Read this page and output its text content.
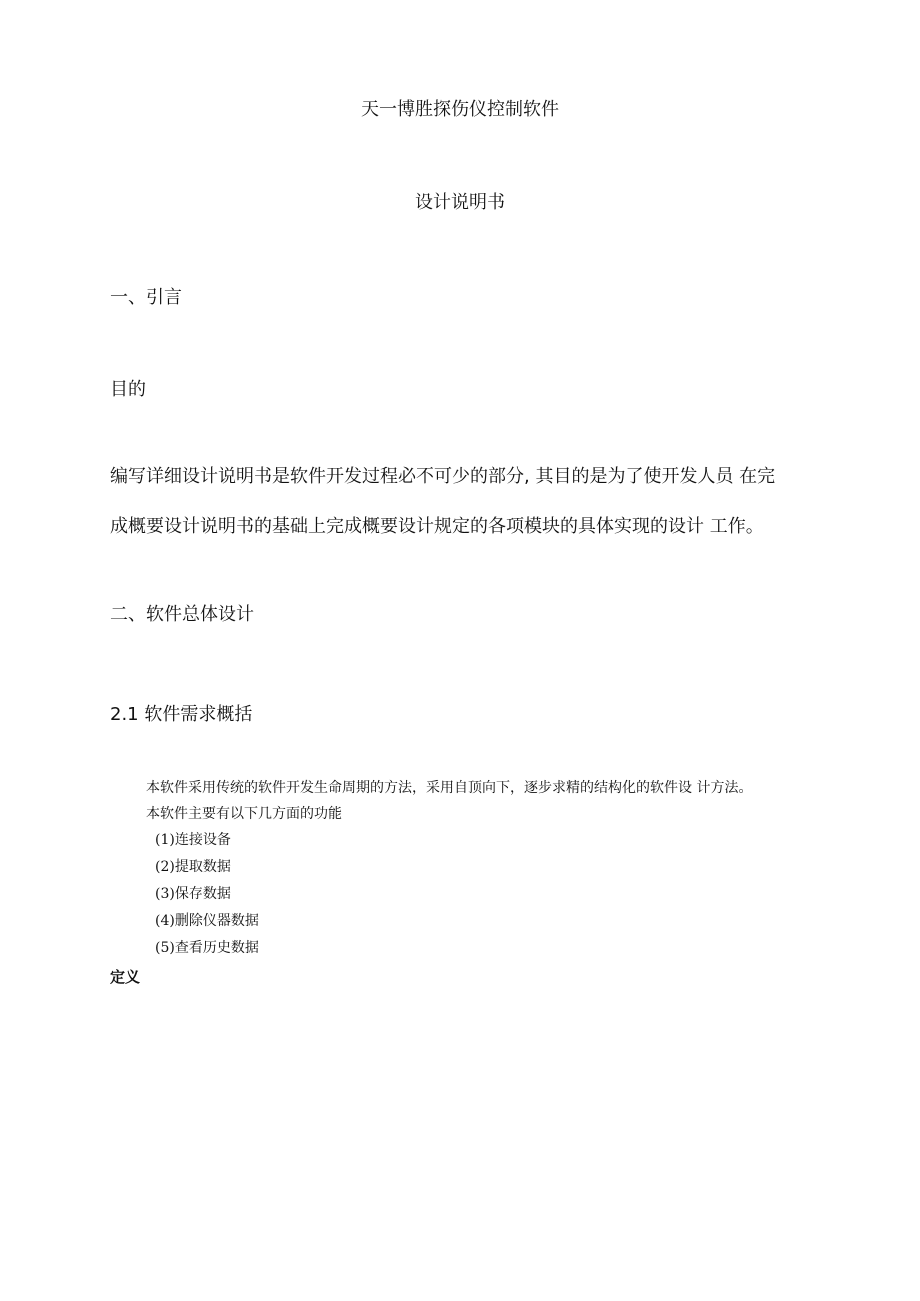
天一博胜探伤仪控制软件
设计说明书
一、引言
目的
编写详细设计说明书是软件开发过程必不可少的部分, 其目的是为了使开发人员 在完
成概要设计说明书的基础上完成概要设计规定的各项模块的具体实现的设计 工作。
二、软件总体设计
2.1 软件需求概括
本软件采用传统的软件开发生命周期的方法，采用自顶向下，逐步求精的结构化的软件设 计方法。
本软件主要有以下几方面的功能
(1)连接设备
(2)提取数据
(3)保存数据
(4)删除仪器数据
(5)查看历史数据
定义
